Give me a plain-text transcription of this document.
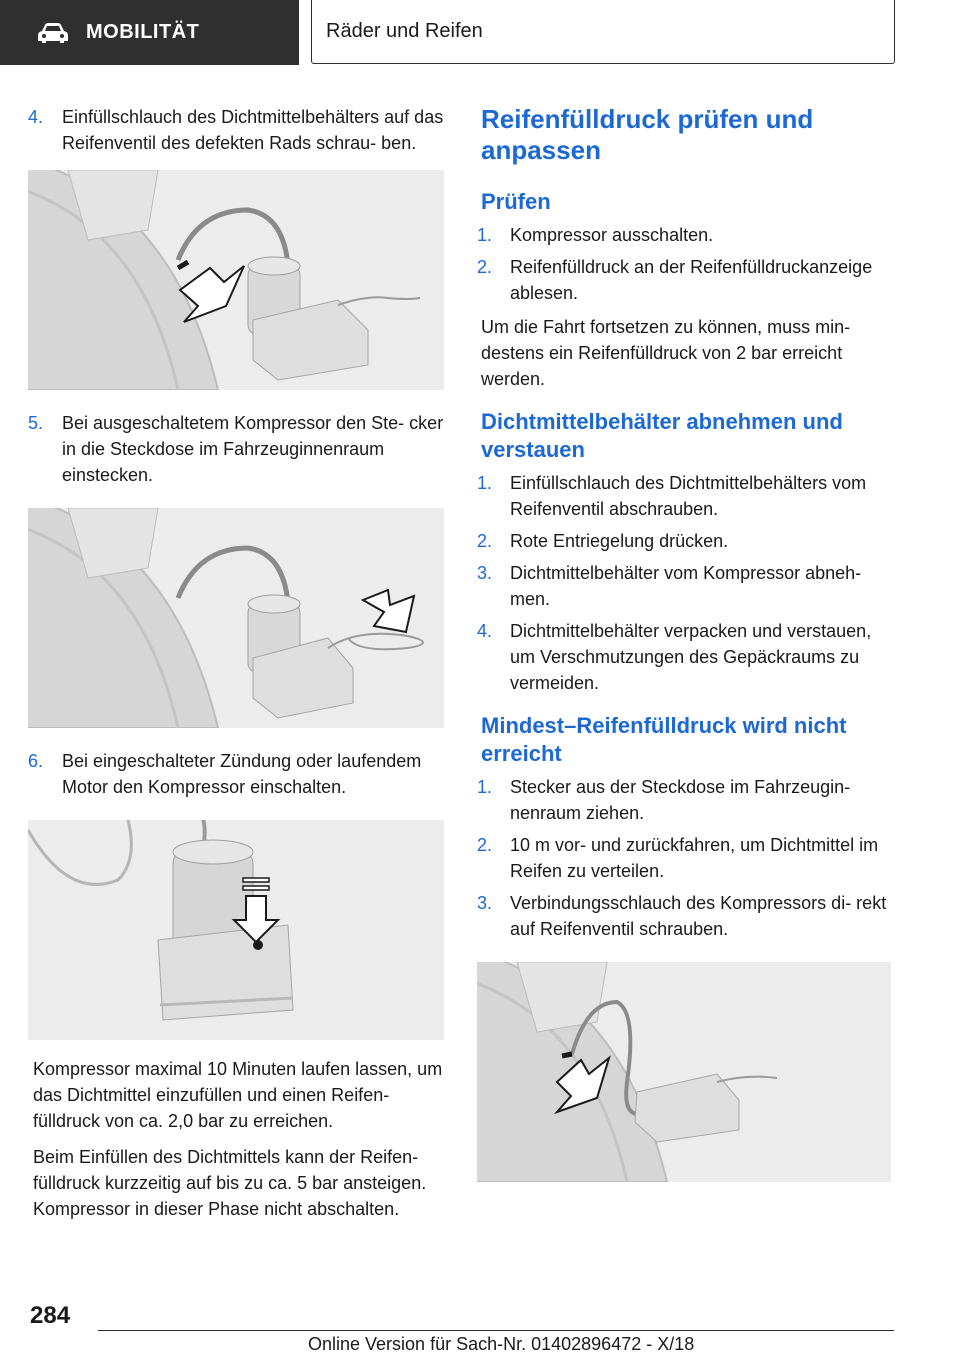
MOBILITÄT	Räder und Reifen
4.	Einfüllschlauch des Dichtmittelbehälters auf das Reifenventil des defekten Rads schrau- ben.
5.	Bei ausgeschaltetem Kompressor den Ste- cker in die Steckdose im Fahrzeuginnenraum einstecken.
6.	Bei eingeschalteter Zündung oder laufendem Motor den Kompressor einschalten.

Kompressor maximal 10 Minuten laufen lassen, um das Dichtmittel einzufüllen und einen Reifen- fülldruck von ca. 2,0 bar zu erreichen.

Beim Einfüllen des Dichtmittels kann der Reifen- fülldruck kurzzeitig auf bis zu ca. 5 bar ansteigen. Kompressor in dieser Phase nicht abschalten.

Reifenfülldruck prüfen und anpassen
Prüfen
1. Kompressor ausschalten.
2. Reifenfülldruck an der Reifenfülldruckanzeige ablesen.

Um die Fahrt fortsetzen zu können, muss min- destens ein Reifenfülldruck von 2 bar erreicht werden.

Dichtmittelbehälter abnehmen und verstauen
1. Einfüllschlauch des Dichtmittelbehälters vom Reifenventil abschrauben.
2. Rote Entriegelung drücken.
3. Dichtmittelbehälter vom Kompressor abneh- men.
4. Dichtmittelbehälter verpacken und verstauen, um Verschmutzungen des Gepäckraums zu vermeiden.
Mindest–Reifenfülldruck wird nicht erreicht
1. Stecker aus der Steckdose im Fahrzeugin- nenraum ziehen.
2. 10 m vor- und zurückfahren, um Dichtmittel im Reifen zu verteilen.
3. Verbindungsschlauch des Kompressors di- rekt auf Reifenventil schrauben.
284
Online Version für Sach-Nr. 01402896472 - X/18
